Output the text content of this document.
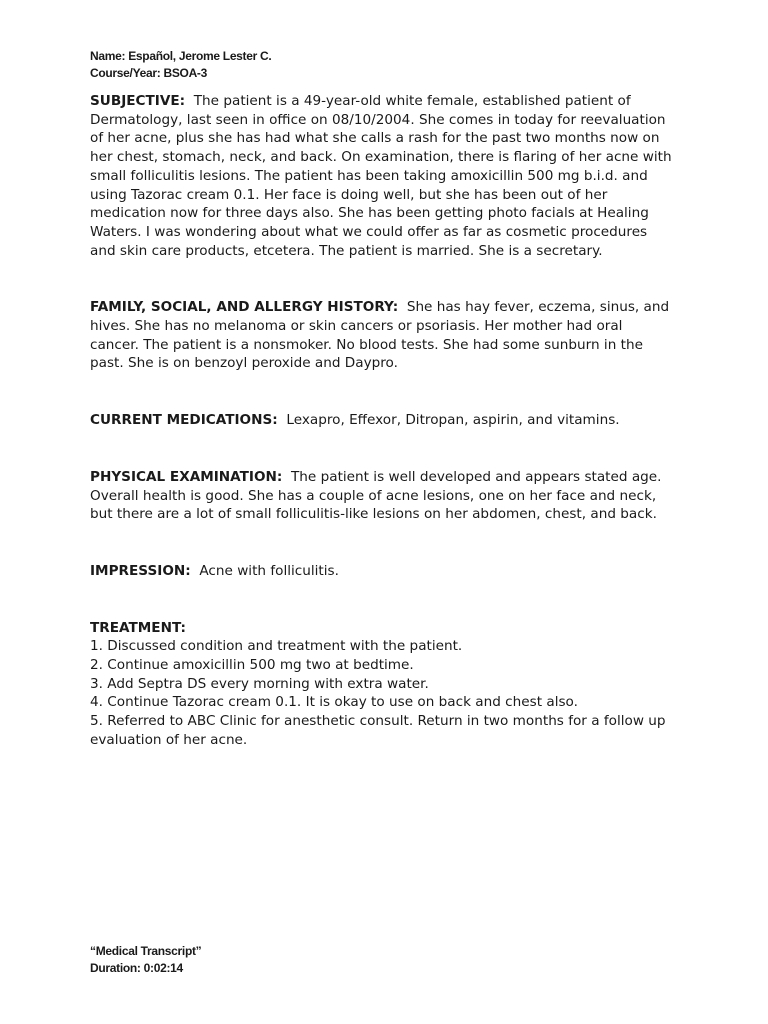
Name: Español, Jerome Lester C.
Course/Year: BSOA-3

SUBJECTIVE: The patient is a 49-year-old white female, established patient of Dermatology, last seen in office on 08/10/2004. She comes in today for reevaluation of her acne, plus she has had what she calls a rash for the past two months now on her chest, stomach, neck, and back. On examination, there is flaring of her acne with small folliculitis lesions. The patient has been taking amoxicillin 500 mg b.i.d. and using Tazorac cream 0.1. Her face is doing well, but she has been out of her medication now for three days also. She has been getting photo facials at Healing Waters. I was wondering about what we could offer as far as cosmetic procedures and skin care products, etcetera. The patient is married. She is a secretary.

FAMILY, SOCIAL, AND ALLERGY HISTORY: She has hay fever, eczema, sinus, and hives. She has no melanoma or skin cancers or psoriasis. Her mother had oral cancer. The patient is a nonsmoker. No blood tests. She had some sunburn in the past. She is on benzoyl peroxide and Daypro.

CURRENT MEDICATIONS: Lexapro, Effexor, Ditropan, aspirin, and vitamins.

PHYSICAL EXAMINATION: The patient is well developed and appears stated age. Overall health is good. She has a couple of acne lesions, one on her face and neck, but there are a lot of small folliculitis-like lesions on her abdomen, chest, and back.

IMPRESSION: Acne with folliculitis.

TREATMENT:

1. Discussed condition and treatment with the patient.

2. Continue amoxicillin 500 mg two at bedtime.

3. Add Septra DS every morning with extra water.

4. Continue Tazorac cream 0.1. It is okay to use on back and chest also.

5. Referred to ABC Clinic for anesthetic consult. Return in two months for a follow up evaluation of her acne.

“Medical Transcript”
Duration: 0:02:14
